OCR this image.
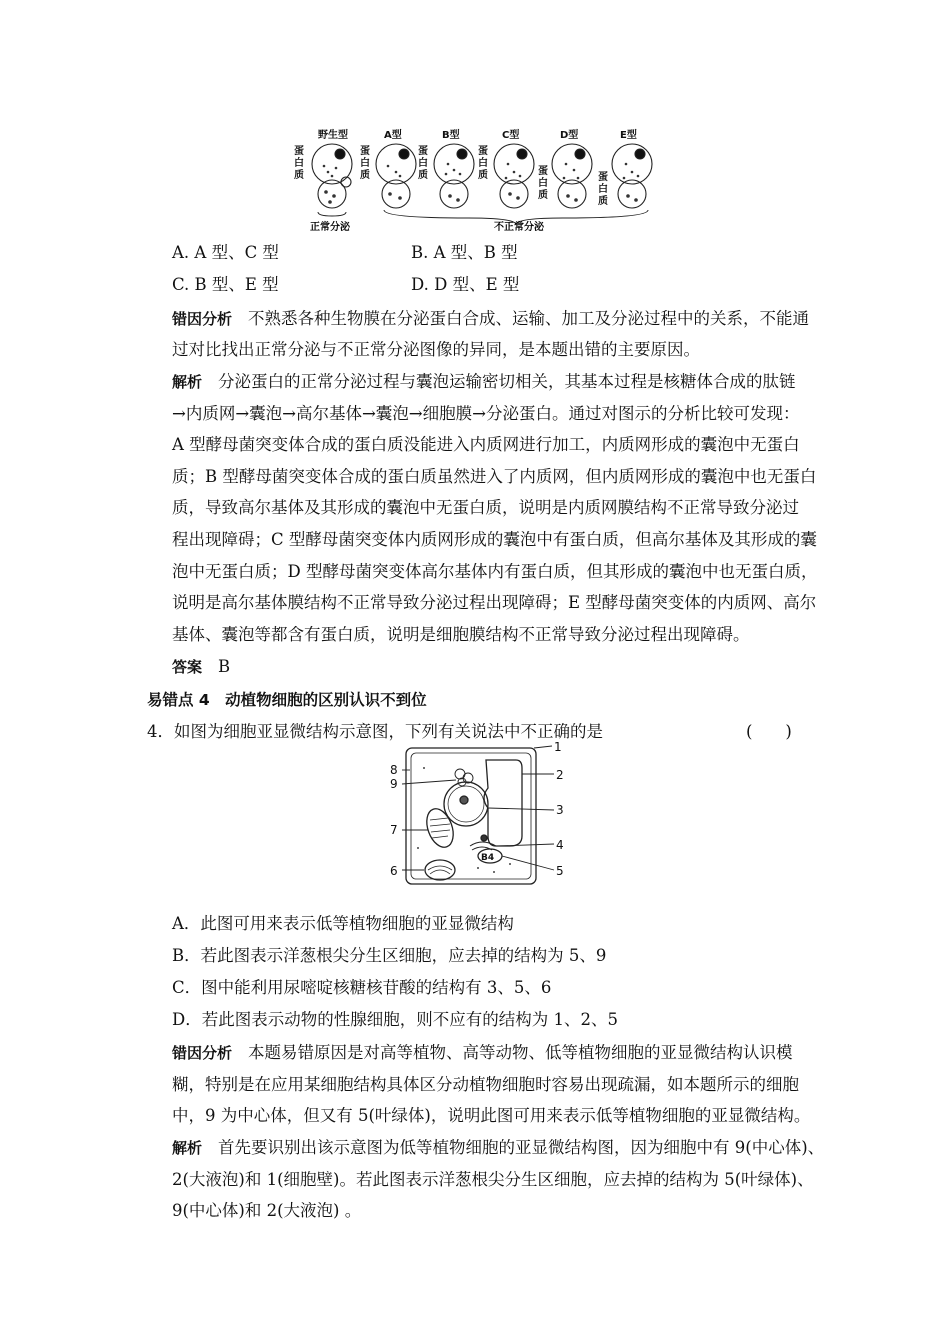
野生型	A型	B型	C型	D型	E型
蛋白质
蛋白质
蛋白质
蛋白质	蛋白质
蛋白质
正常分泌	不正常分泌
A. A 型、C 型	B. A 型、B 型
C. B 型、E 型	D. D 型、E 型
错因分析 不熟悉各种生物膜在分泌蛋白合成、运输、加工及分泌过程中的关系，不能通
过对比找出正常分泌与不正常分泌图像的异同，是本题出错的主要原因。
解析 分泌蛋白的正常分泌过程与囊泡运输密切相关，其基本过程是核糖体合成的肽链
→内质网→囊泡→高尔基体→囊泡→细胞膜→分泌蛋白。通过对图示的分析比较可发现：
A 型酵母菌突变体合成的蛋白质没能进入内质网进行加工，内质网形成的囊泡中无蛋白
质；B 型酵母菌突变体合成的蛋白质虽然进入了内质网，但内质网形成的囊泡中也无蛋白
质，导致高尔基体及其形成的囊泡中无蛋白质，说明是内质网膜结构不正常导致分泌过
程出现障碍；C 型酵母菌突变体内质网形成的囊泡中有蛋白质，但高尔基体及其形成的囊
泡中无蛋白质；D 型酵母菌突变体高尔基体内有蛋白质，但其形成的囊泡中也无蛋白质，
说明是高尔基体膜结构不正常导致分泌过程出现障碍；E 型酵母菌突变体的内质网、高尔
基体、囊泡等都含有蛋白质，说明是细胞膜结构不正常导致分泌过程出现障碍。
答案 B
易错点 4　动植物细胞的区别认识不到位
4．如图为细胞亚显微结构示意图，下列有关说法中不正确的是	(　　)
B4
1
2
3
4
5
6
7
8
9
A．此图可用来表示低等植物细胞的亚显微结构
B．若此图表示洋葱根尖分生区细胞，应去掉的结构为 5、9
C．图中能利用尿嘧啶核糖核苷酸的结构有 3、5、6
D．若此图表示动物的性腺细胞，则不应有的结构为 1、2、5
错因分析 本题易错原因是对高等植物、高等动物、低等植物细胞的亚显微结构认识模
糊，特别是在应用某细胞结构具体区分动植物细胞时容易出现疏漏，如本题所示的细胞
中，9 为中心体，但又有 5(叶绿体)，说明此图可用来表示低等植物细胞的亚显微结构。
解析 首先要识别出该示意图为低等植物细胞的亚显微结构图，因为细胞中有 9(中心体)、
2(大液泡)和 1(细胞壁)。若此图表示洋葱根尖分生区细胞，应去掉的结构为 5(叶绿体)、
9(中心体)和 2(大液泡) 。
